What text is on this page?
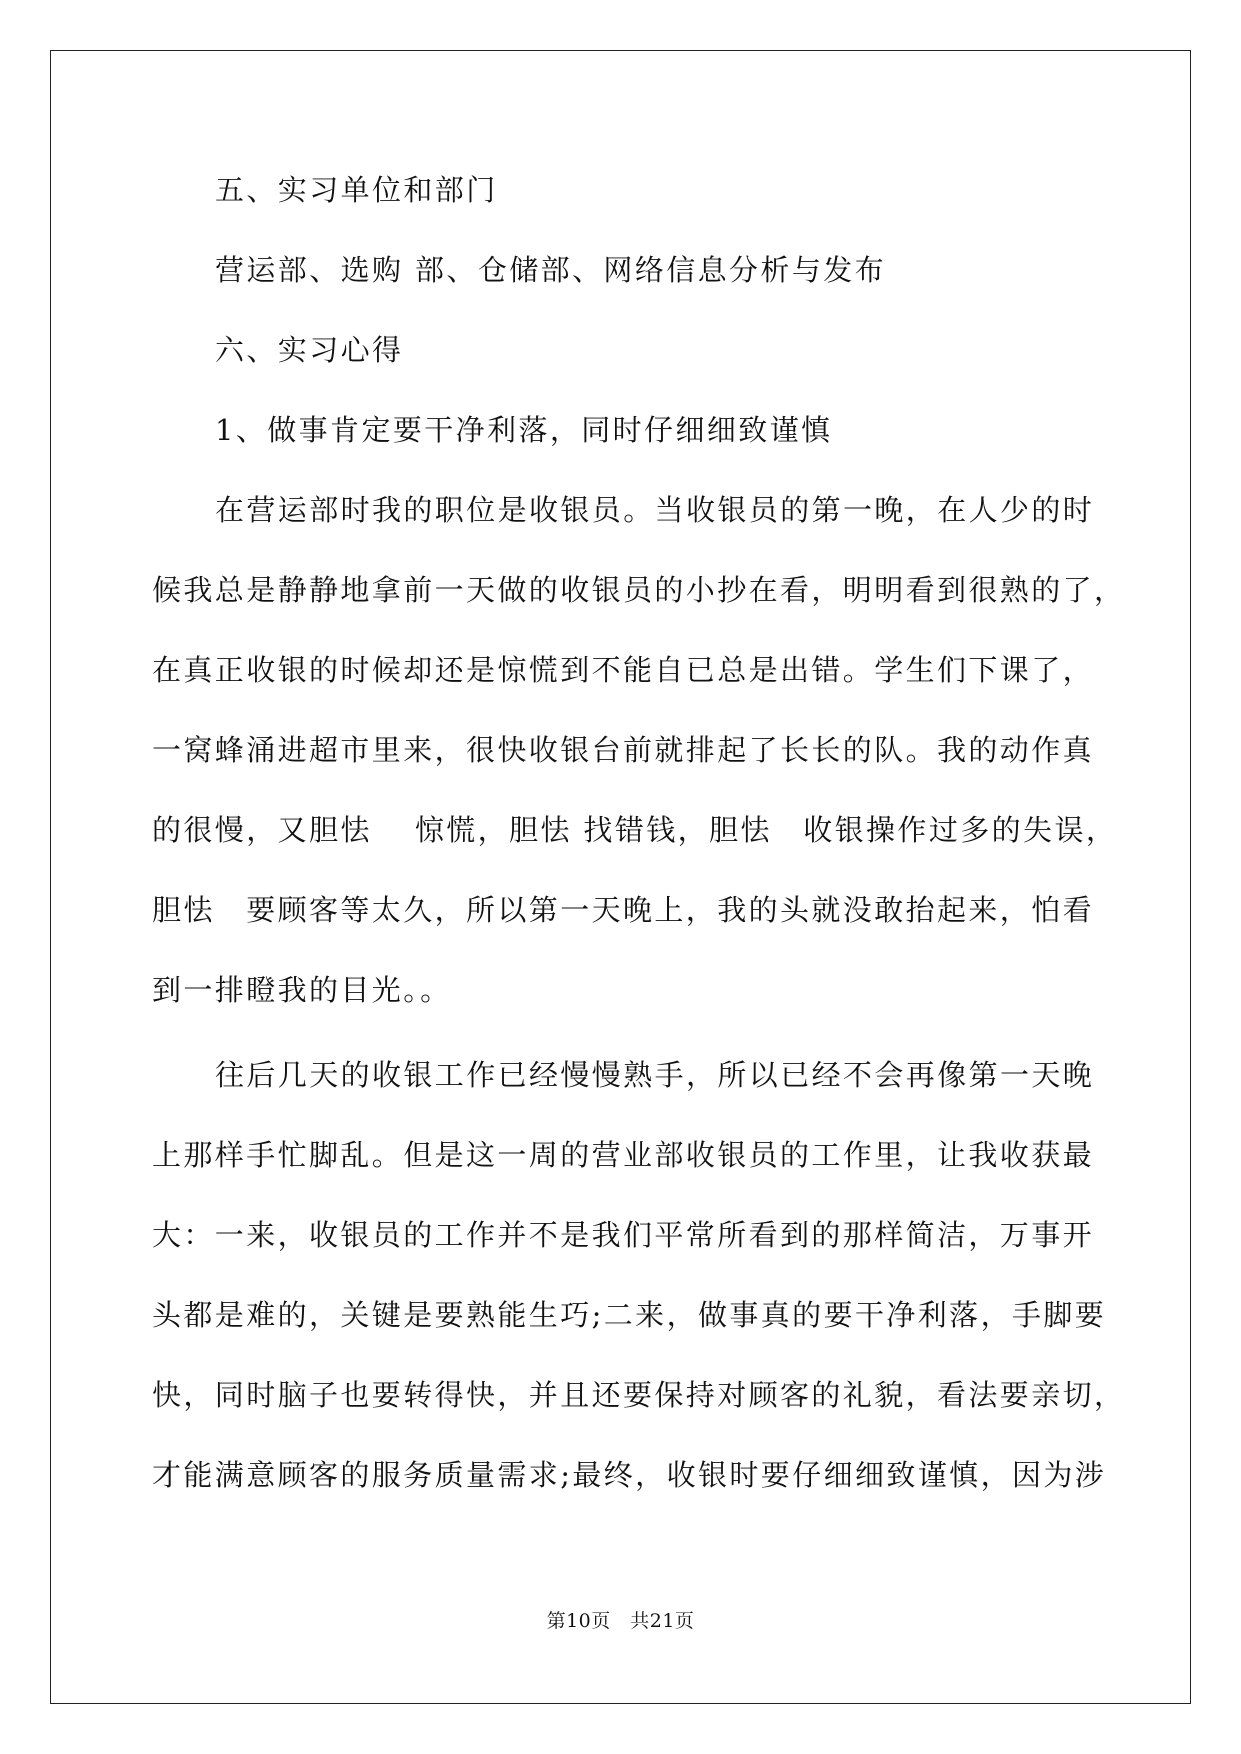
五、实习单位和部门
营运部、选购 部、仓储部、网络信息分析与发布
六、实习心得
1、做事肯定要干净利落，同时仔细细致谨慎
在营运部时我的职位是收银员。当收银员的第一晚，在人少的时
候我总是静静地拿前一天做的收银员的小抄在看，明明看到很熟的了，
在真正收银的时候却还是惊慌到不能自已总是出错。学生们下课了，
一窝蜂涌进超市里来，很快收银台前就排起了长长的队。我的动作真
的很慢，又胆怯　 惊慌，胆怯 找错钱，胆怯　收银操作过多的失误，
胆怯　要顾客等太久，所以第一天晚上，我的头就没敢抬起来，怕看
到一排瞪我的目光。。
往后几天的收银工作已经慢慢熟手，所以已经不会再像第一天晚
上那样手忙脚乱。但是这一周的营业部收银员的工作里，让我收获最
大：一来，收银员的工作并不是我们平常所看到的那样简洁，万事开
头都是难的，关键是要熟能生巧;二来，做事真的要干净利落，手脚要
快，同时脑子也要转得快，并且还要保持对顾客的礼貌，看法要亲切，
才能满意顾客的服务质量需求;最终，收银时要仔细细致谨慎，因为涉
第10页　共21页
